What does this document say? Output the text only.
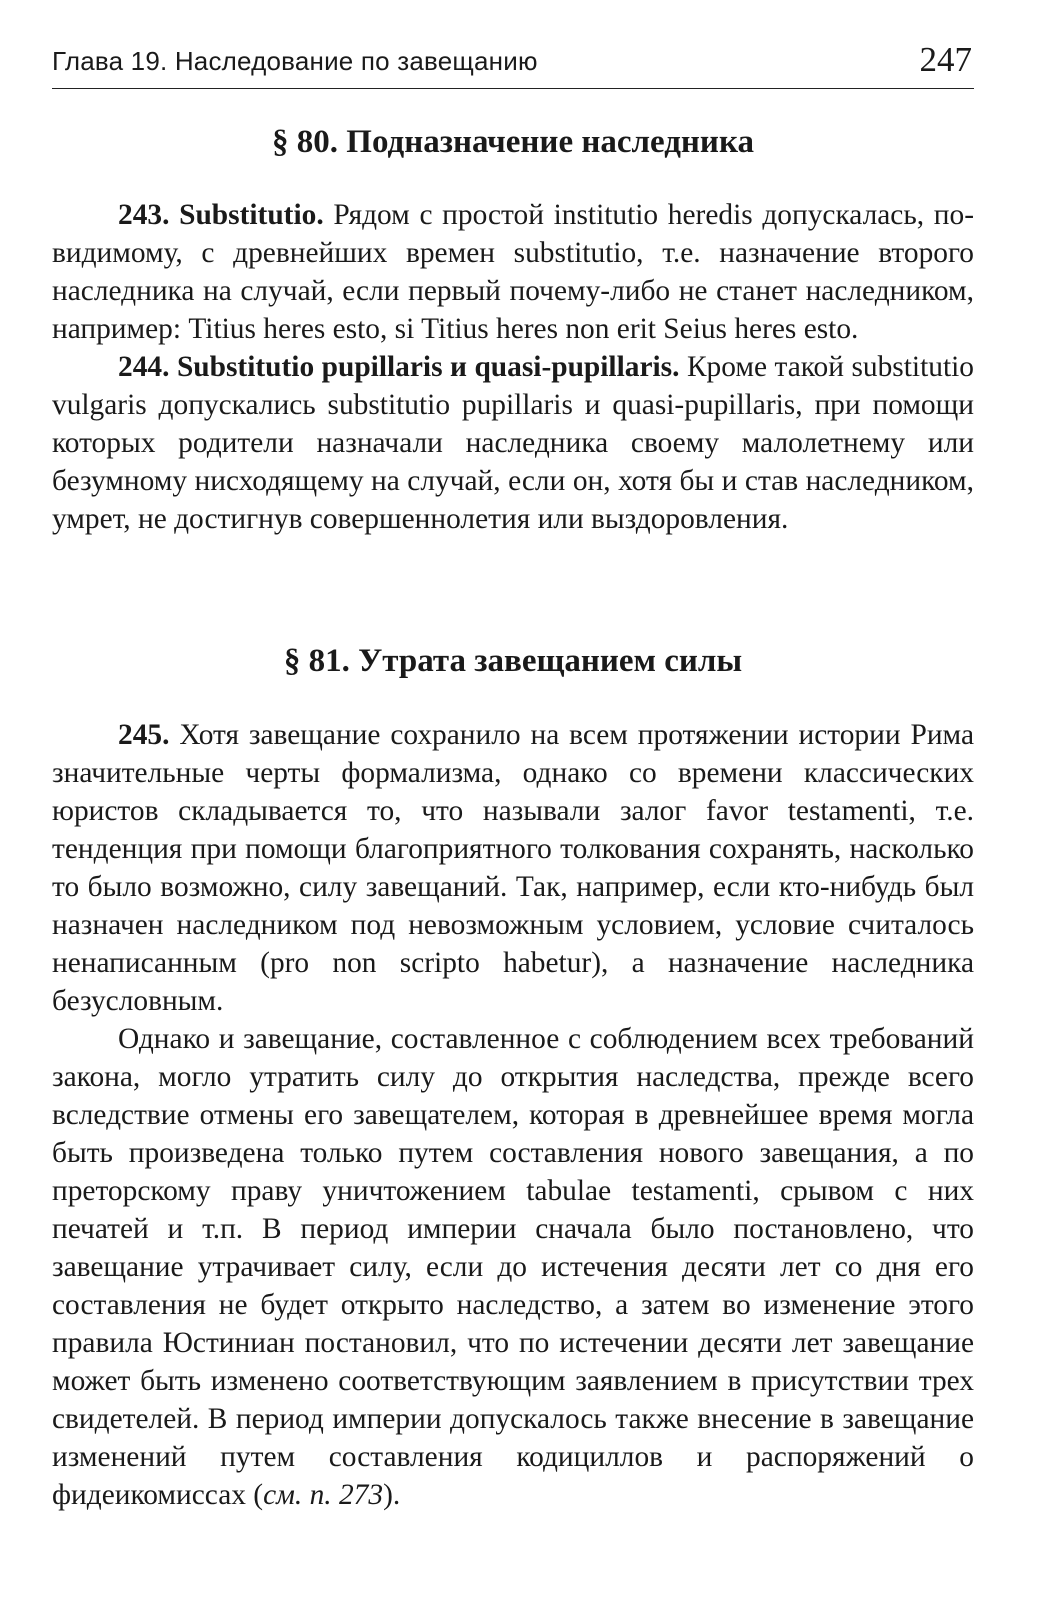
Глава 19. Наследование по завещанию	247
§ 80. Подназначение наследника

243. Substitutio. Рядом с простой institutio heredis допускалась, по-видимому, с древнейших времен substitutio, т.е. назначение второго наследника на случай, если первый почему-либо не станет наследником, например: Titius heres esto, si Titius heres non erit Seius heres esto.

244. Substitutio pupillaris и quasi-pupillaris. Кроме такой substitutio vulgaris допускались substitutio pupillaris и quasi-pupillaris, при помощи которых родители назначали наследника своему малолетнему или безумному нисходящему на случай, если он, хотя бы и став наследником, умрет, не достигнув совершеннолетия или выздоровления.

§ 81. Утрата завещанием силы

245. Хотя завещание сохранило на всем протяжении истории Рима значительные черты формализма, однако со времени классических юристов складывается то, что называли залог favor testamenti, т.е. тенденция при помощи благоприятного толкования сохранять, насколько то было возможно, силу завещаний. Так, например, если кто-нибудь был назначен наследником под невозможным условием, условие считалось ненаписанным (pro non scripto habetur), а назначение наследника безусловным.

Однако и завещание, составленное с соблюдением всех требований закона, могло утратить силу до открытия наследства, прежде всего вследствие отмены его завещателем, которая в древнейшее время могла быть произведена только путем составления нового завещания, а по преторскому праву уничтожением tabulae testamenti, срывом с них печатей и т.п. В период империи сначала было постановлено, что завещание утрачивает силу, если до истечения десяти лет со дня его составления не будет открыто наследство, а затем во изменение этого правила Юстиниан постановил, что по истечении десяти лет завещание может быть изменено соответствующим заявлением в присутствии трех свидетелей. В период империи допускалось также внесение в завещание изменений путем составления кодициллов и распоряжений о фидеикомиссах (см. п. 273).
